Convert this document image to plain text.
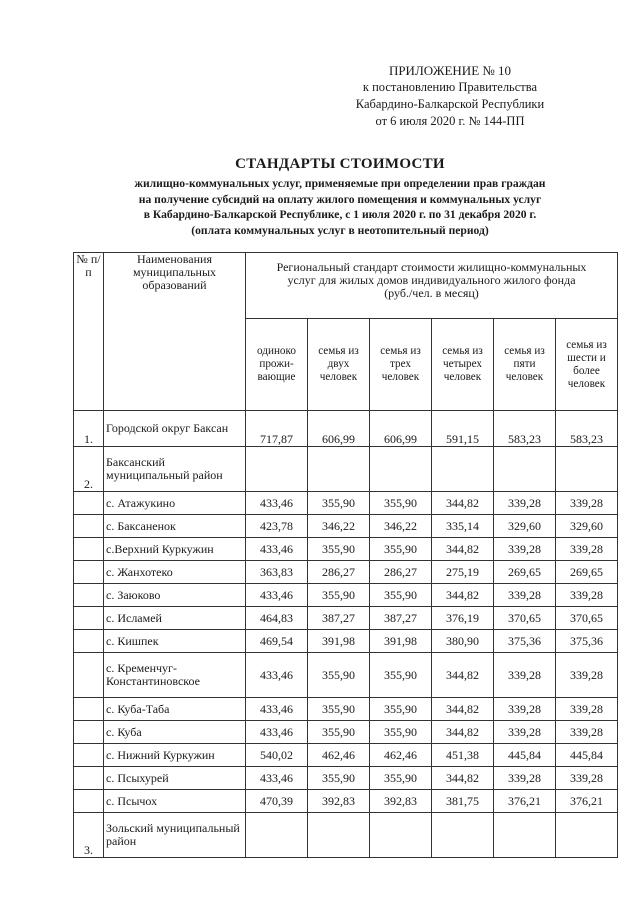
ПРИЛОЖЕНИЕ № 10
к постановлению Правительства
Кабардино-Балкарской Республики
от 6 июля 2020 г. № 144-ПП
СТАНДАРТЫ СТОИМОСТИ
жилищно-коммунальных услуг, применяемые при определении прав граждан
на получение субсидий на оплату жилого помещения и коммунальных услуг
в Кабардино-Балкарской Республике, с 1 июля 2020 г. по 31 декабря 2020 г.
(оплата коммунальных услуг в неотопительный период)
№ п/п	Наименования муниципальных образований	Региональный стандарт стоимости жилищно-коммунальных услуг для жилых домов индивидуального жилого фонда (руб./чел. в месяц)					
		одиноко прожи-вающие	семья из двух человек	семья из трех человек	семья из четырех человек	семья из пяти человек	семья из шести и более человек
1.	Городской округ Баксан	717,87	606,99	606,99	591,15	583,23	583,23
2.	Баксанский муниципальный район						
	с. Атажукино	433,46	355,90	355,90	344,82	339,28	339,28
	с. Баксаненок	423,78	346,22	346,22	335,14	329,60	329,60
	с.Верхний Куркужин	433,46	355,90	355,90	344,82	339,28	339,28
	с. Жанхотеко	363,83	286,27	286,27	275,19	269,65	269,65
	с. Заюково	433,46	355,90	355,90	344,82	339,28	339,28
	с. Исламей	464,83	387,27	387,27	376,19	370,65	370,65
	с. Кишпек	469,54	391,98	391,98	380,90	375,36	375,36
	с. Кременчуг-Константиновское	433,46	355,90	355,90	344,82	339,28	339,28
	с. Куба-Таба	433,46	355,90	355,90	344,82	339,28	339,28
	с. Куба	433,46	355,90	355,90	344,82	339,28	339,28
	с. Нижний Куркужин	540,02	462,46	462,46	451,38	445,84	445,84
	с. Псыхурей	433,46	355,90	355,90	344,82	339,28	339,28
	с. Псычох	470,39	392,83	392,83	381,75	376,21	376,21
3.	Зольский муниципальный район						
